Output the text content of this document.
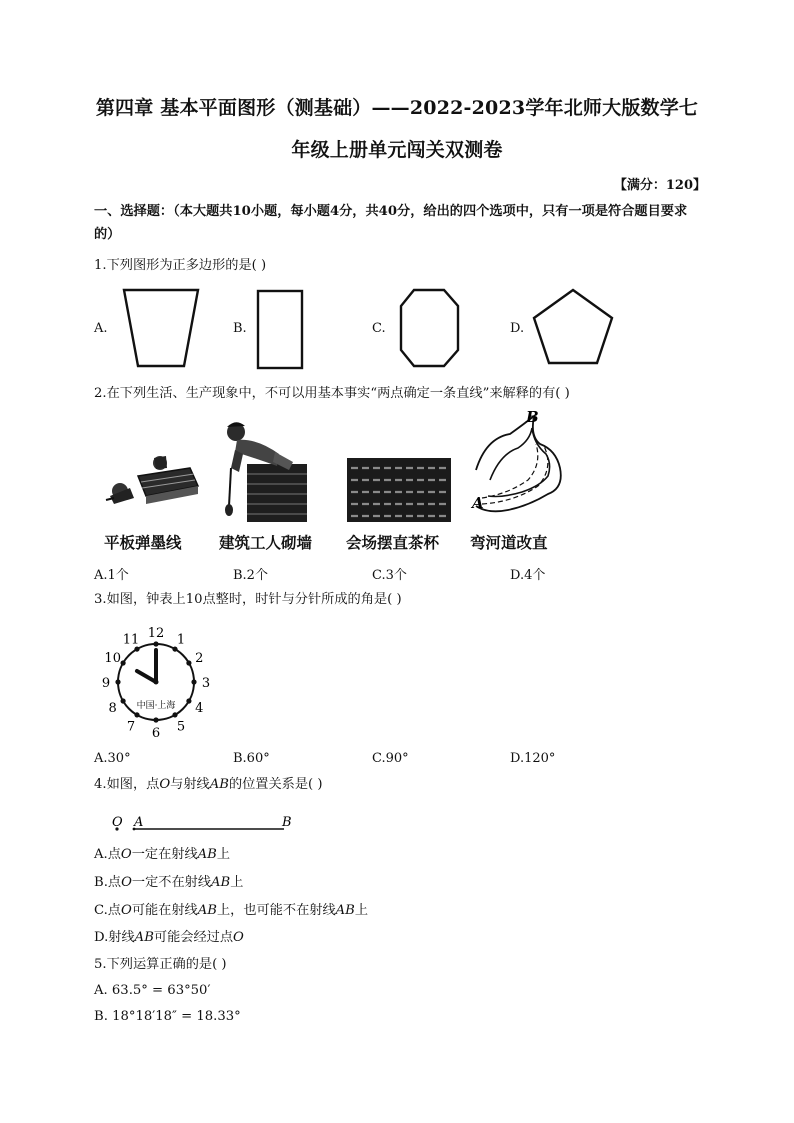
第四章 基本平面图形（测基础）——2022-2023学年北师大版数学七
年级上册单元闯关双测卷
【满分：120】
一、选择题：（本大题共10小题，每小题4分，共40分，给出的四个选项中，只有一项是符合题目要求的）
1.下列图形为正多边形的是( )
A.	B.	C.	D.
2.在下列生活、生产现象中，不可以用基本事实“两点确定一条直线”来解释的有( )
B
A
平板弹墨线 建筑工人砌墙 会场摆直茶杯 弯河道改直
A.1个	B.2个	C.3个	D.4个
3.如图，钟表上10点整时，时针与分针所成的角是( )
12 1
2
3
4
5
6
7
8
9
10
11
中国·上海
A.30°	B.60°	C.90°	D.120°
4.如图，点O与射线AB的位置关系是( )
O A	B
A.点O一定在射线AB上
B.点O一定不在射线AB上
C.点O可能在射线AB上，也可能不在射线AB上
D.射线AB可能会经过点O
5.下列运算正确的是( )
A. 63.5° = 63°50′
B. 18°18′18″ = 18.33°
